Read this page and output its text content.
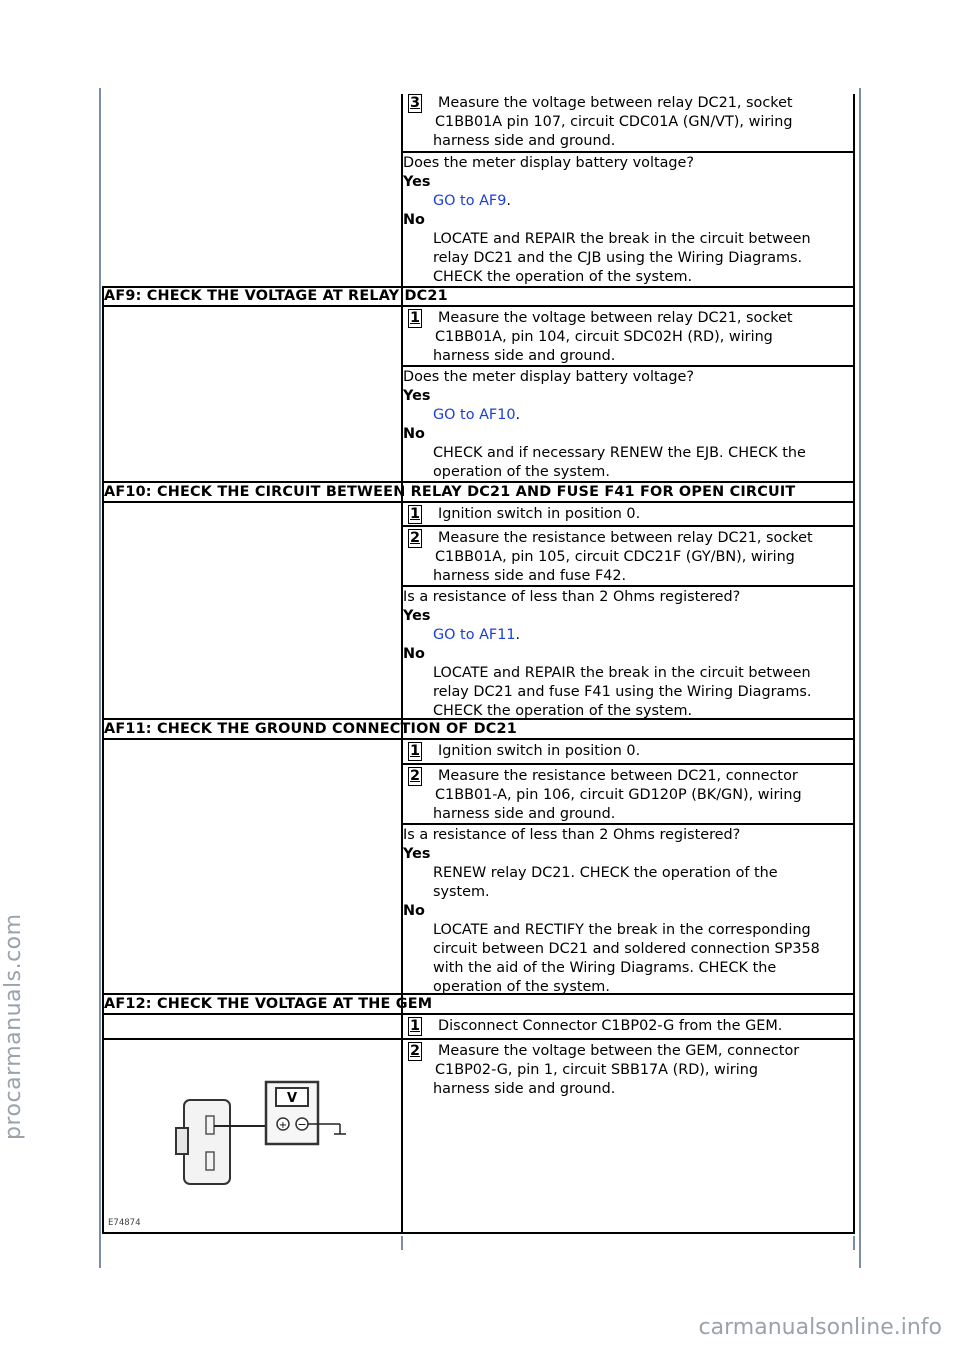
3 Measure the voltage between relay DC21, socket
C1BB01A pin 107, circuit CDC01A (GN/VT), wiring
harness side and ground.
Does the meter display battery voltage?
Yes
GO to AF9.
No
LOCATE and REPAIR the break in the circuit between
relay DC21 and the CJB using the Wiring Diagrams.
CHECK the operation of the system.
AF9: CHECK THE VOLTAGE AT RELAY DC21
1 Measure the voltage between relay DC21, socket
C1BB01A, pin 104, circuit SDC02H (RD), wiring
harness side and ground.
Does the meter display battery voltage?
Yes
GO to AF10.
No
CHECK and if necessary RENEW the EJB. CHECK the
operation of the system.
AF10: CHECK THE CIRCUIT BETWEEN RELAY DC21 AND FUSE F41 FOR OPEN CIRCUIT
1 Ignition switch in position 0.
2 Measure the resistance between relay DC21, socket
C1BB01A, pin 105, circuit CDC21F (GY/BN), wiring
harness side and fuse F42.
Is a resistance of less than 2 Ohms registered?
Yes
GO to AF11.
No
LOCATE and REPAIR the break in the circuit between
relay DC21 and fuse F41 using the Wiring Diagrams.
CHECK the operation of the system.
AF11: CHECK THE GROUND CONNECTION OF DC21
1 Ignition switch in position 0.
2 Measure the resistance between DC21, connector
C1BB01-A, pin 106, circuit GD120P (BK/GN), wiring
harness side and ground.
Is a resistance of less than 2 Ohms registered?
Yes
RENEW relay DC21. CHECK the operation of the
system.
No
LOCATE and RECTIFY the break in the corresponding
circuit between DC21 and soldered connection SP358
with the aid of the Wiring Diagrams. CHECK the
operation of the system.
AF12: CHECK THE VOLTAGE AT THE GEM
1 Disconnect Connector C1BP02-G from the GEM.
2 Measure the voltage between the GEM, connector
C1BP02-G, pin 1, circuit SBB17A (RD), wiring
harness side and ground.
V
+ −
E74874
procarmanuals.com
carmanualsonline.info
